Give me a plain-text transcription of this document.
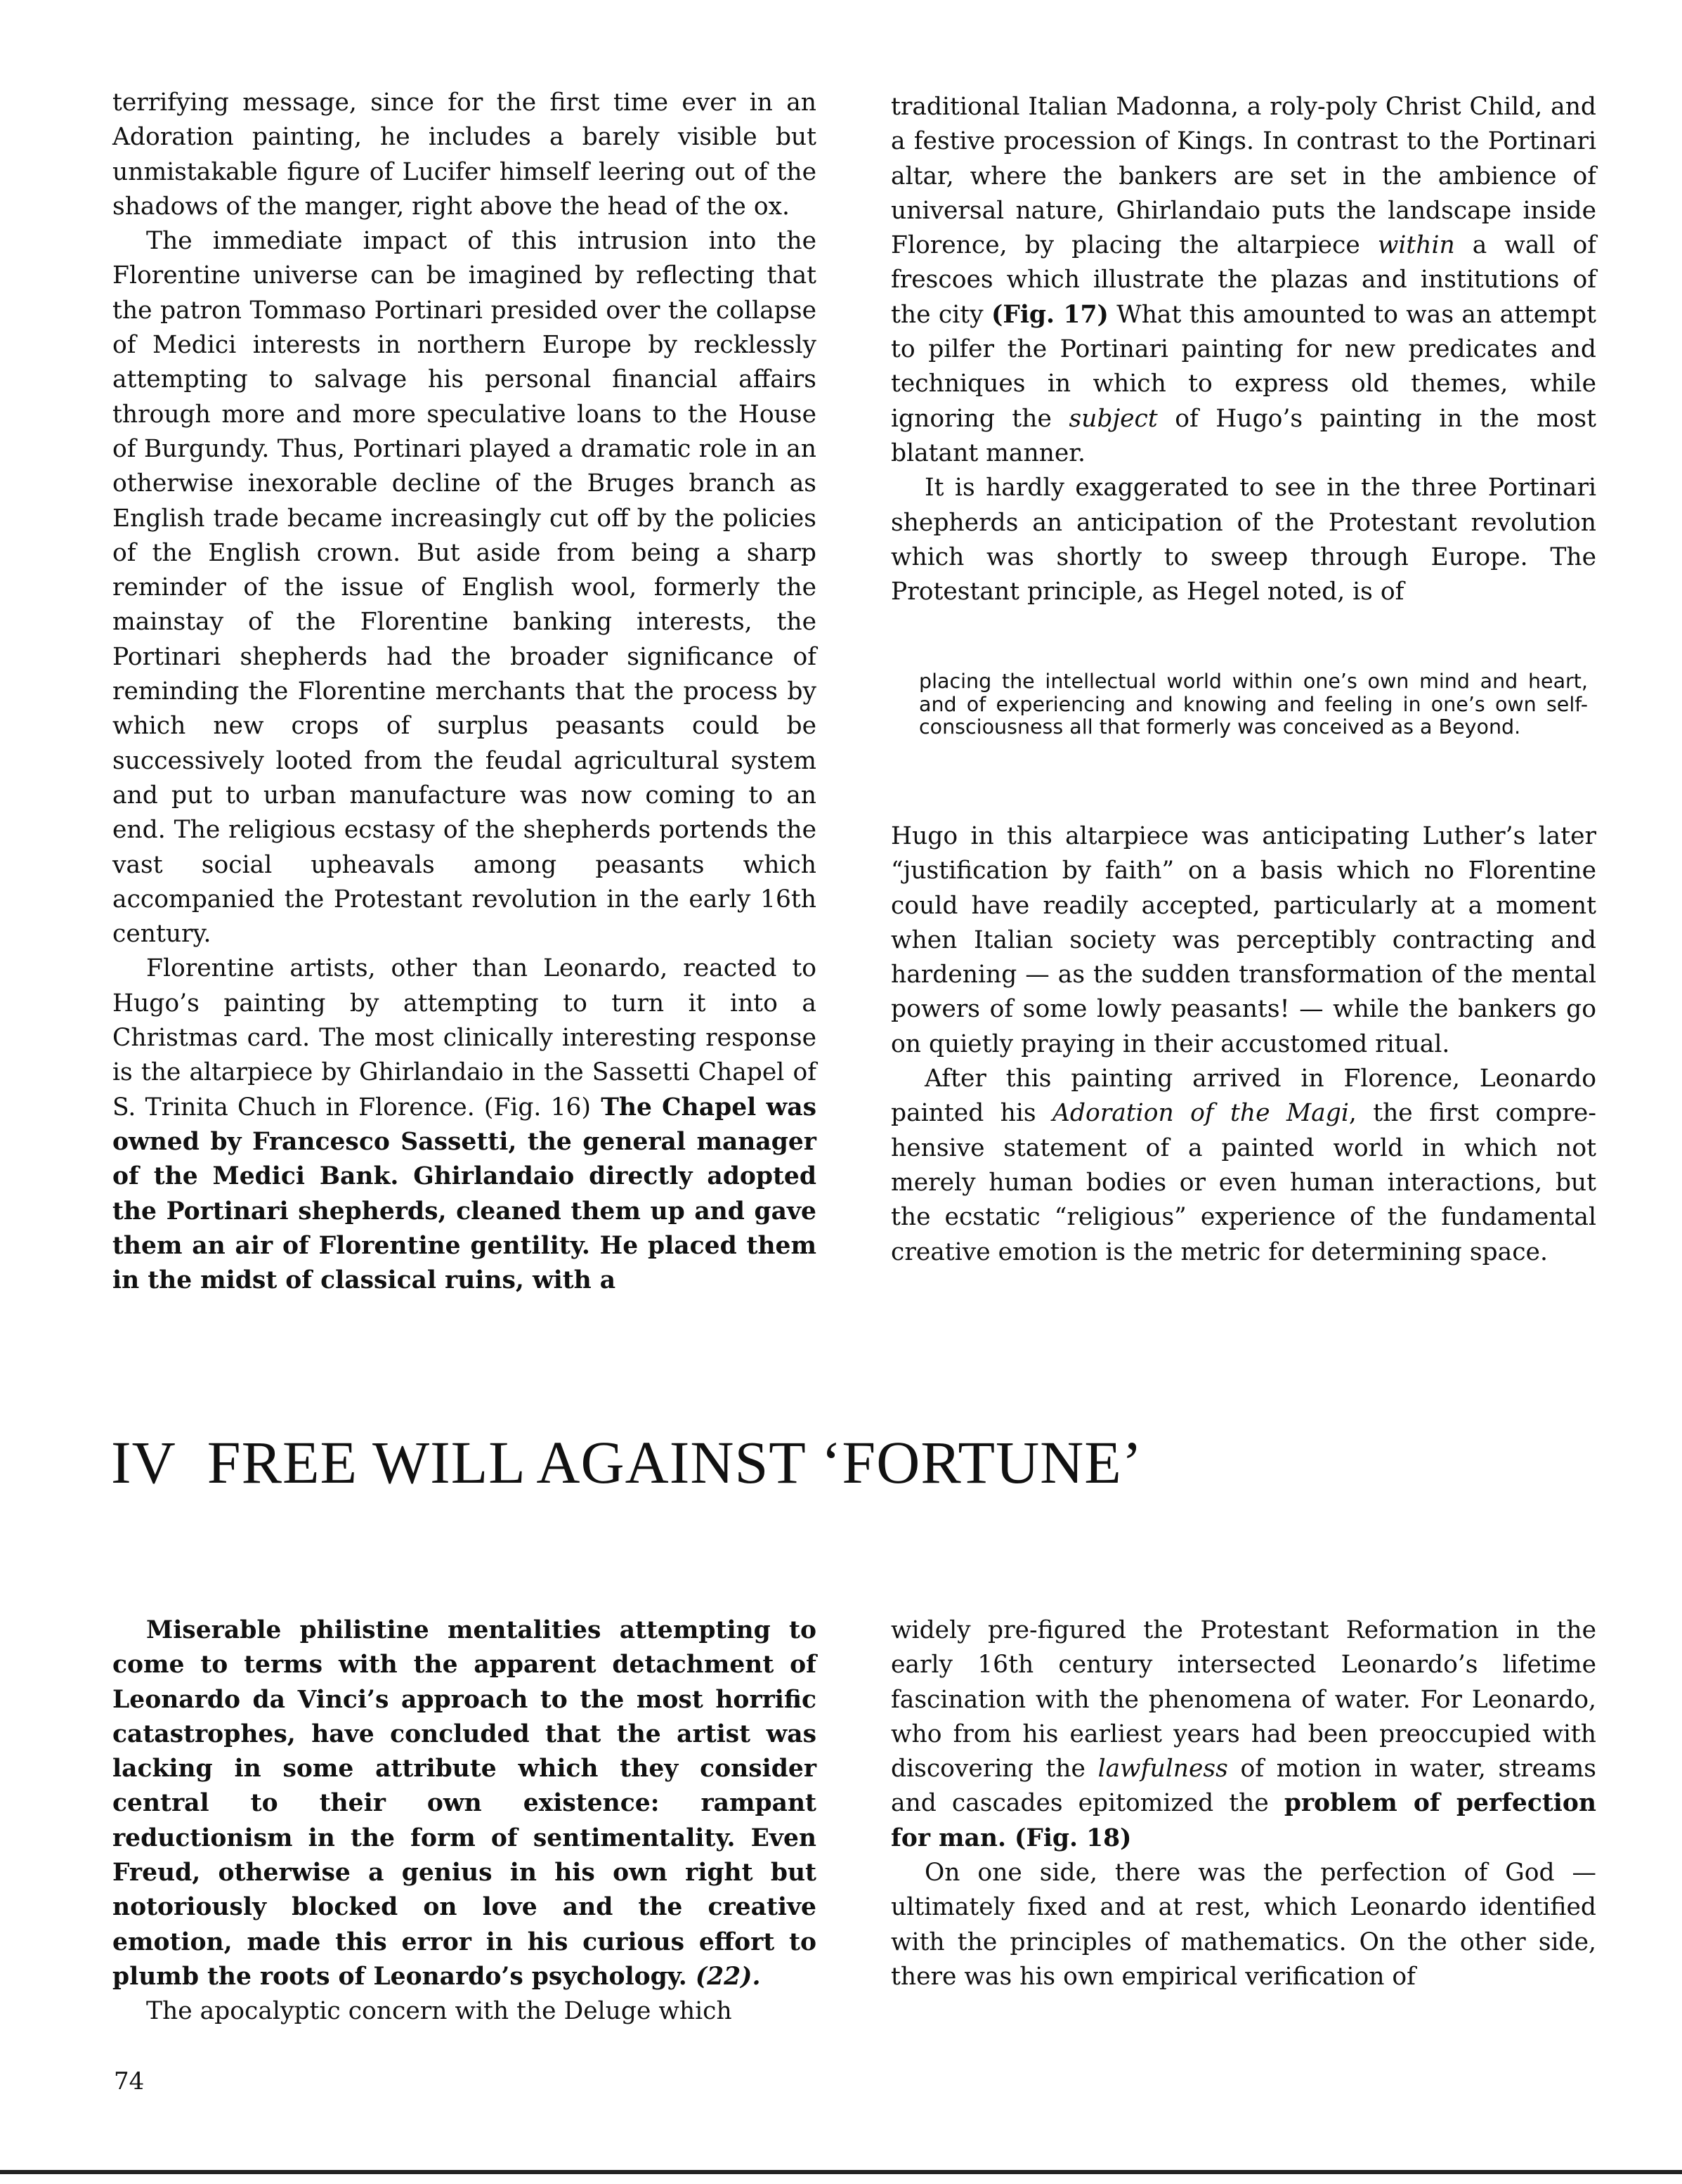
terrifying message, since for the first time ever in an Adoration painting, he includes a barely visible but unmistakable figure of Lucifer himself leering out of the shadows of the manger, right above the head of the ox.

The immediate impact of this intrusion into the Florentine universe can be imagined by reflecting that the patron Tommaso Portinari presided over the collapse of Medici interests in northern Europe by recklessly attempting to salvage his personal financial affairs through more and more speculative loans to the House of Burgundy. Thus, Portinari played a dramatic role in an otherwise inexorable decline of the Bruges branch as English trade became increasingly cut off by the policies of the English crown. But aside from being a sharp reminder of the issue of English wool, formerly the mainstay of the Florentine banking interests, the Portinari shepherds had the broader significance of reminding the Florentine merchants that the process by which new crops of surplus peasants could be successively looted from the feudal agricultural system and put to urban manufacture was now coming to an end. The religious ecstasy of the shepherds portends the vast social upheavals among peasants which accompanied the Protestant revolution in the early 16th century.

Florentine artists, other than Leonardo, reacted to Hugo’s painting by attempting to turn it into a Christmas card. The most clinically interesting response is the altarpiece by Ghirlandaio in the Sassetti Chapel of S. Trinita Chuch in Florence. (Fig. 16) The Chapel was owned by Francesco Sassetti, the general manager of the Medici Bank. Ghirlandaio directly adopted the Portinari shepherds, cleaned them up and gave them an air of Florentine gentility. He placed them in the midst of classical ruins, with a

traditional Italian Madonna, a roly-poly Christ Child, and a festive procession of Kings. In contrast to the Portinari altar, where the bankers are set in the ambience of universal nature, Ghirlandaio puts the landscape inside Florence, by placing the altarpiece within a wall of frescoes which illustrate the plazas and institutions of the city (Fig. 17) What this amounted to was an attempt to pilfer the Portinari painting for new predicates and techniques in which to express old themes, while ignoring the subject of Hugo’s painting in the most blatant manner.

It is hardly exaggerated to see in the three Portinari shepherds an anticipation of the Protestant revolution which was shortly to sweep through Europe. The Protestant principle, as Hegel noted, is of

placing the intellectual world within one’s own mind and heart, and of experiencing and knowing and feeling in one’s own self-consciousness all that formerly was conceived as a Beyond.

Hugo in this altarpiece was anticipating Luther’s later “justification by faith” on a basis which no Florentine could have readily accepted, particularly at a moment when Italian society was perceptibly contracting and hardening — as the sudden transformation of the mental powers of some lowly peasants! — while the bankers go on quietly praying in their accustomed ritual.

After this painting arrived in Florence, Leonardo painted his Adoration of the Magi, the first comprehensive statement of a painted world in which not merely human bodies or even human interactions, but the ecstatic “religious” experience of the fundamental creative emotion is the metric for determining space.

IV FREE WILL AGAINST ‘FORTUNE’

Miserable philistine mentalities attempting to come to terms with the apparent detachment of Leonardo da Vinci’s approach to the most horrific catastrophes, have concluded that the artist was lacking in some attribute which they consider central to their own existence: rampant reductionism in the form of sentimentality. Even Freud, otherwise a genius in his own right but notoriously blocked on love and the creative emotion, made this error in his curious effort to plumb the roots of Leonardo’s psychology. (22).

The apocalyptic concern with the Deluge which

widely pre-figured the Protestant Reformation in the early 16th century intersected Leonardo’s lifetime fascination with the phenomena of water. For Leonardo, who from his earliest years had been preoccupied with discovering the lawfulness of motion in water, streams and cascades epitomized the problem of perfection for man. (Fig. 18)

On one side, there was the perfection of God — ultimately fixed and at rest, which Leonardo identified with the principles of mathematics. On the other side, there was his own empirical verification of

74
